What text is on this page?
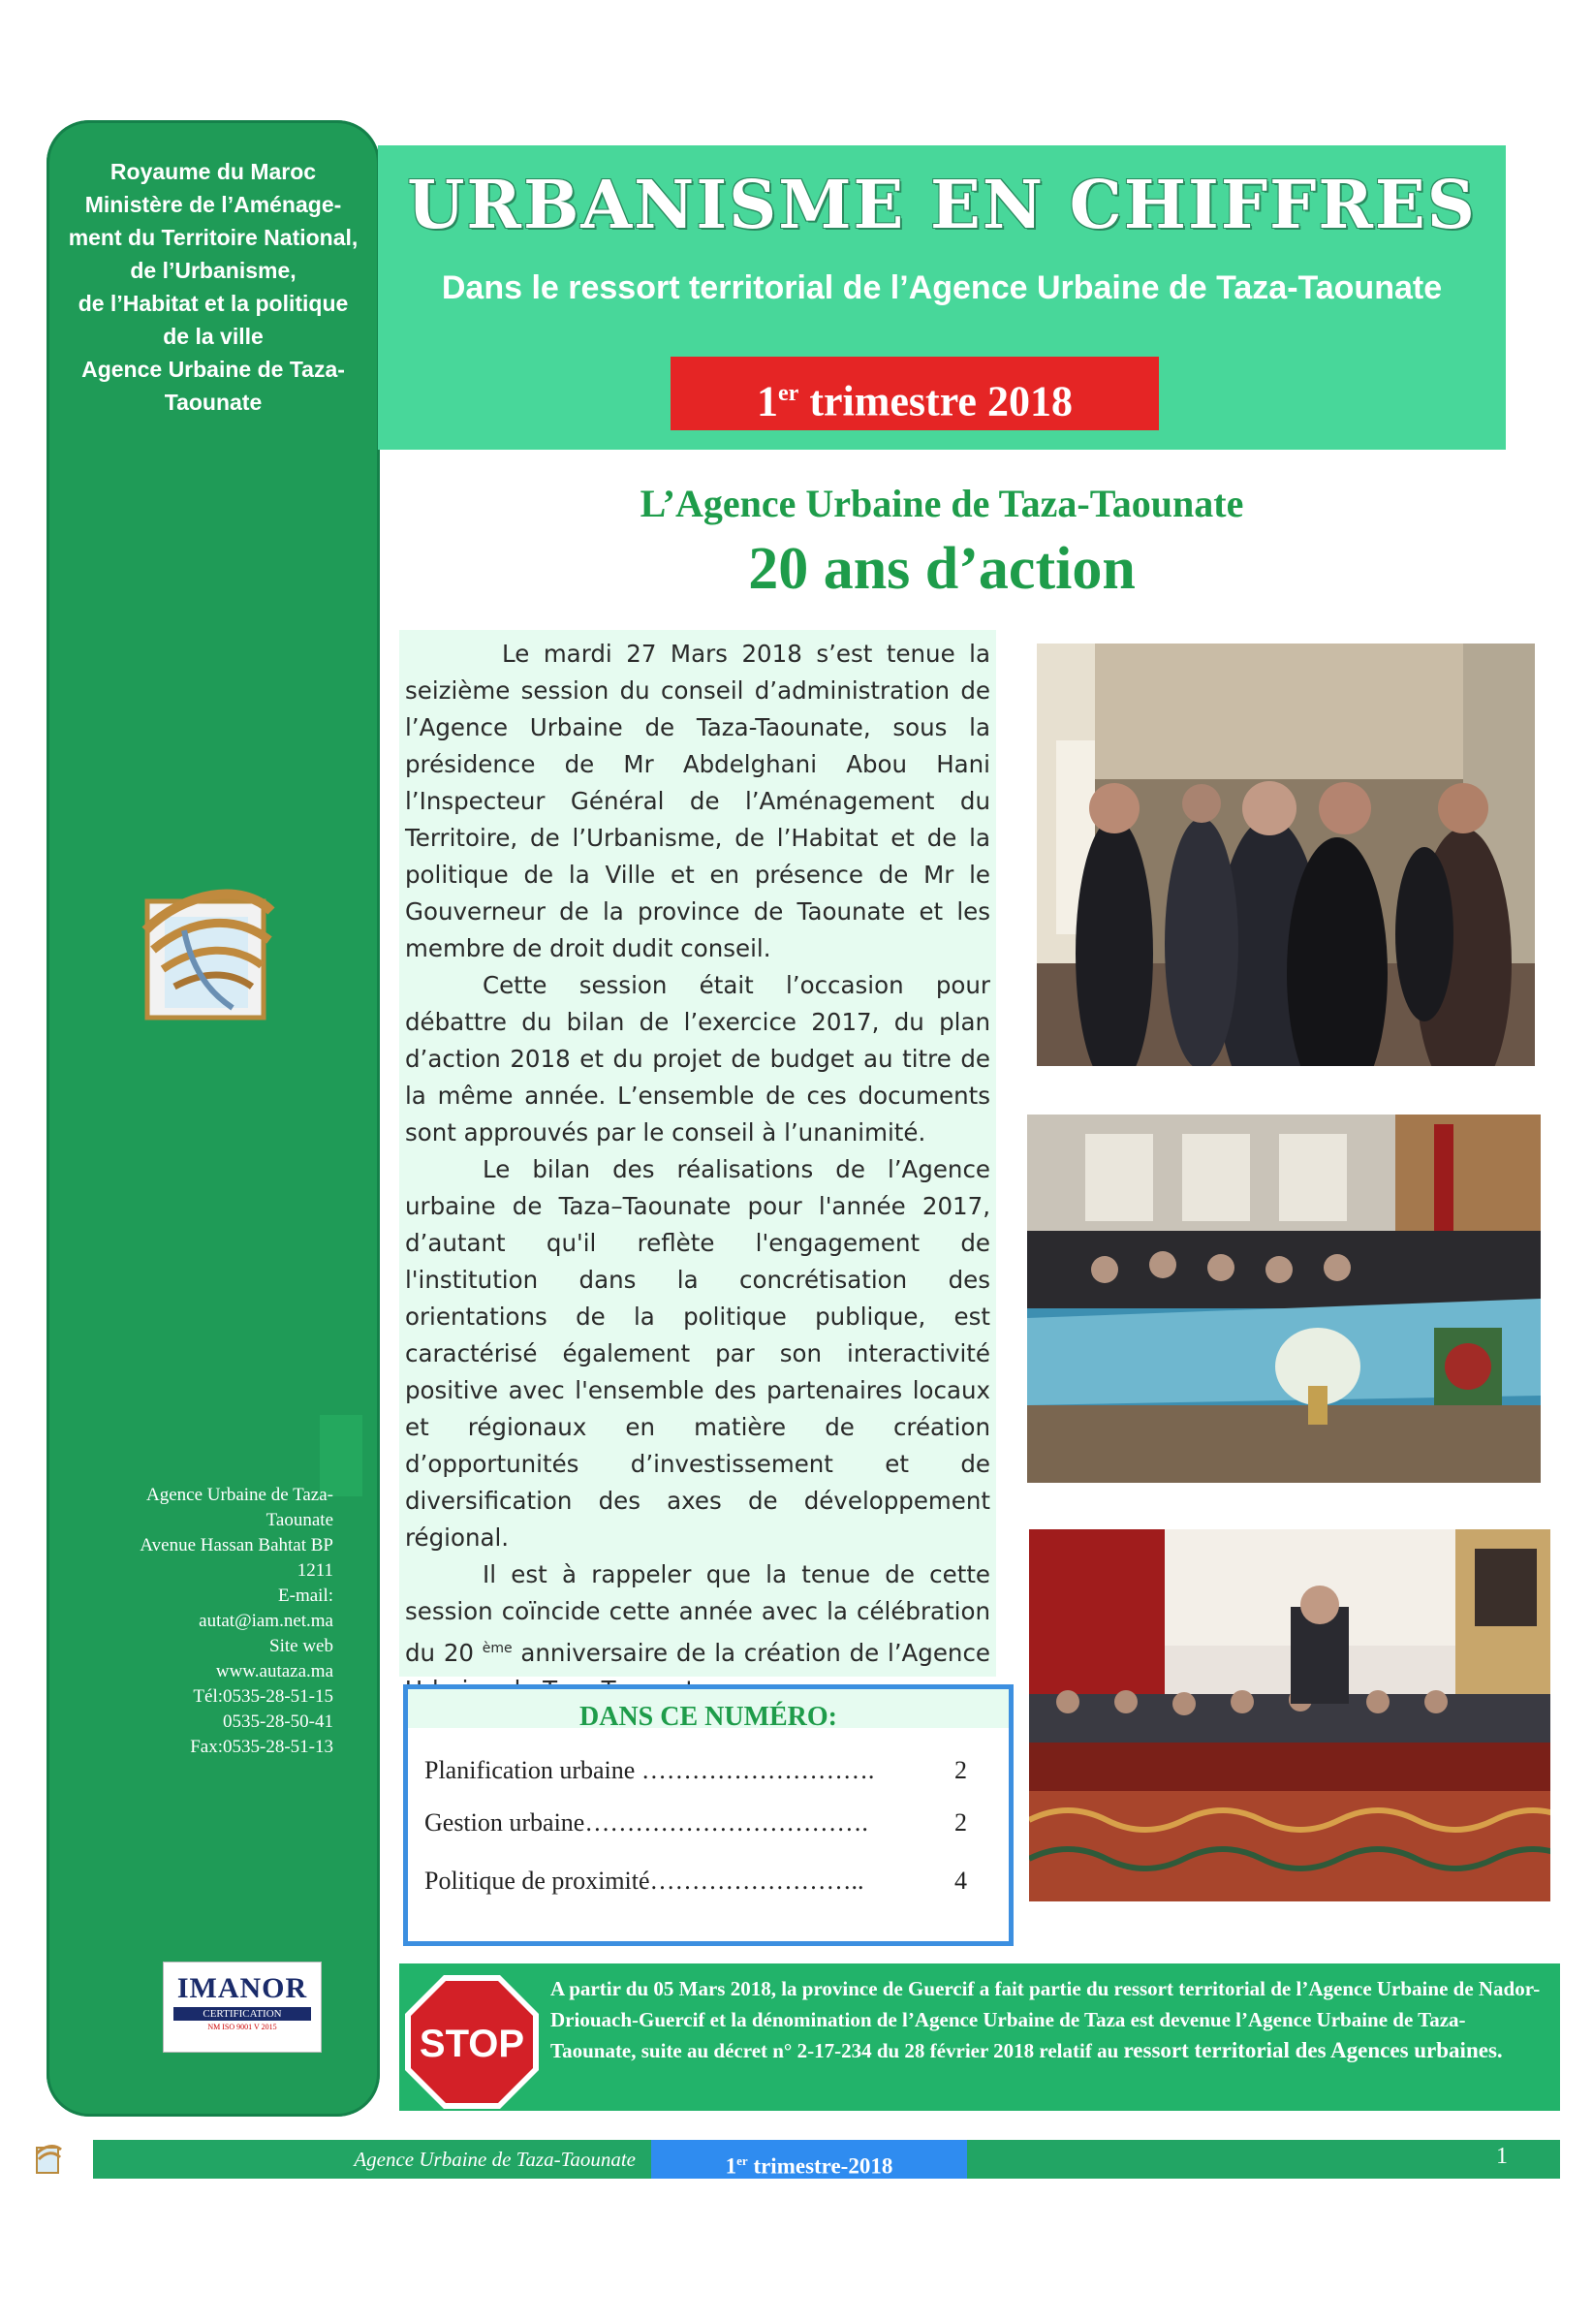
Royaume du Maroc
Ministère de l’Aménage-
ment du Territoire National,
de l’Urbanisme,
de l’Habitat et la politique
de la ville
Agence Urbaine de Taza-
Taounate
Agence Urbaine de Taza-
Taounate
Avenue Hassan Bahtat BP
1211
E-mail:
autat@iam.net.ma
Site web
www.autaza.ma
Tél:0535-28-51-15
0535-28-50-41
Fax:0535-28-51-13
IMANOR
CERTIFICATION
NM ISO 9001 V 2015
URBANISME EN CHIFFRES
Dans le ressort territorial de l’Agence Urbaine de Taza-Taounate
1er trimestre 2018
L’Agence Urbaine de Taza-Taounate
20 ans d’action

Le mardi 27 Mars 2018 s’est tenue la seizième session du conseil d’administration de l’Agence Urbaine de Taza-Taounate, sous la présidence de Mr Abdelghani Abou Hani l’Inspecteur Général de l’Aménagement du Territoire, de l’Urbanisme, de l’Habitat et de la politique de la Ville et en présence de Mr le Gouverneur de la province de Taounate et les membre de droit dudit conseil.

Cette session était l’occasion pour débattre du bilan de l’exercice 2017, du plan d’action 2018 et du projet de budget au titre de la même année. L’ensemble de ces documents sont approuvés par le conseil à l’unanimité.

Le bilan des réalisations de l’Agence urbaine de Taza–Taounate pour l'année 2017, d’autant qu'il reflète l'engagement de l'institution dans la concrétisation des orientations de la politique publique, est caractérisé également par son interactivité positive avec l'ensemble des partenaires locaux et régionaux en matière de création d’opportunités d’investissement et de diversification des axes de développement régional.

Il est à rappeler que la tenue de cette session coïncide cette année avec la célébration du 20 $^{ème}$ anniversaire de la création de l’Agence

DANS CE NUMÉRO:
Planification urbaine ……………………….	2
Gestion urbaine…………………………….	2
Politique de proximité……………………..	4
STOP
A partir du 05 Mars 2018, la province de Guercif a fait partie du ressort territorial de l’Agence Urbaine de Nador-Driouach-Guercif et la dénomination de l’Agence Urbaine de Taza est devenue l’Agence Urbaine de Taza-Taounate, suite au décret n° 2-17-234 du 28 février 2018 relatif au ressort territorial des Agences urbaines.
Agence Urbaine de Taza-Taounate	1er trimestre-2018	1
